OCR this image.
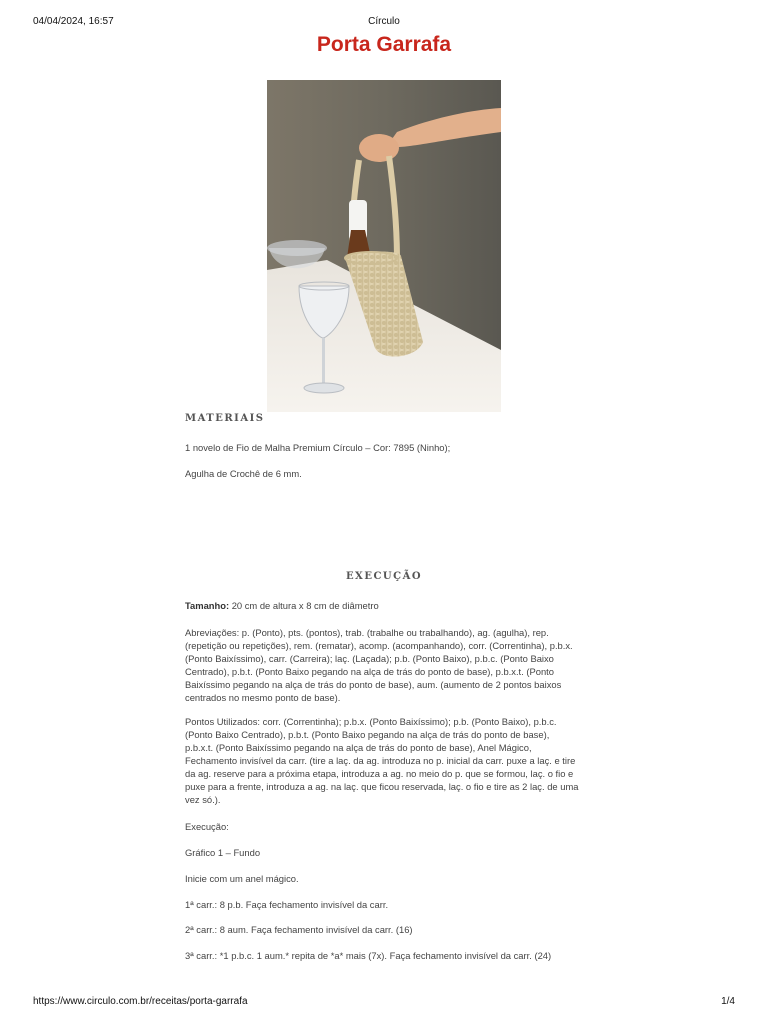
04/04/2024, 16:57	Círculo
Porta Garrafa
MATERIAIS

1 novelo de Fio de Malha Premium Círculo – Cor: 7895 (Ninho);

Agulha de Crochê de 6 mm.

EXECUÇÃO

Tamanho: 20 cm de altura x 8 cm de diâmetro

Abreviações: p. (Ponto), pts. (pontos), trab. (trabalhe ou trabalhando), ag. (agulha), rep. (repetição ou repetições), rem. (rematar), acomp. (acompanhando), corr. (Correntinha), p.b.x. (Ponto Baixíssimo), carr. (Carreira); laç. (Laçada); p.b. (Ponto Baixo), p.b.c. (Ponto Baixo Centrado), p.b.t. (Ponto Baixo pegando na alça de trás do ponto de base), p.b.x.t. (Ponto Baixíssimo pegando na alça de trás do ponto de base), aum. (aumento de 2 pontos baixos centrados no mesmo ponto de base).

Pontos Utilizados: corr. (Correntinha); p.b.x. (Ponto Baixíssimo); p.b. (Ponto Baixo), p.b.c. (Ponto Baixo Centrado), p.b.t. (Ponto Baixo pegando na alça de trás do ponto de base), p.b.x.t. (Ponto Baixíssimo pegando na alça de trás do ponto de base), Anel Mágico, Fechamento invisível da carr. (tire a laç. da ag. introduza no p. inicial da carr. puxe a laç. e tire da ag. reserve para a próxima etapa, introduza a ag. no meio do p. que se formou, laç. o fio e puxe para a frente, introduza a ag. na laç. que ficou reservada, laç. o fio e tire as 2 laç. de uma vez só.).

Execução:

Gráfico 1 – Fundo

Inicie com um anel mágico.

1ª carr.: 8 p.b. Faça fechamento invisível da carr.

2ª carr.: 8 aum. Faça fechamento invisível da carr. (16)

3ª carr.: *1 p.b.c. 1 aum.* repita de *a* mais (7x). Faça fechamento invisível da carr. (24)

https://www.circulo.com.br/receitas/porta-garrafa	1/4
